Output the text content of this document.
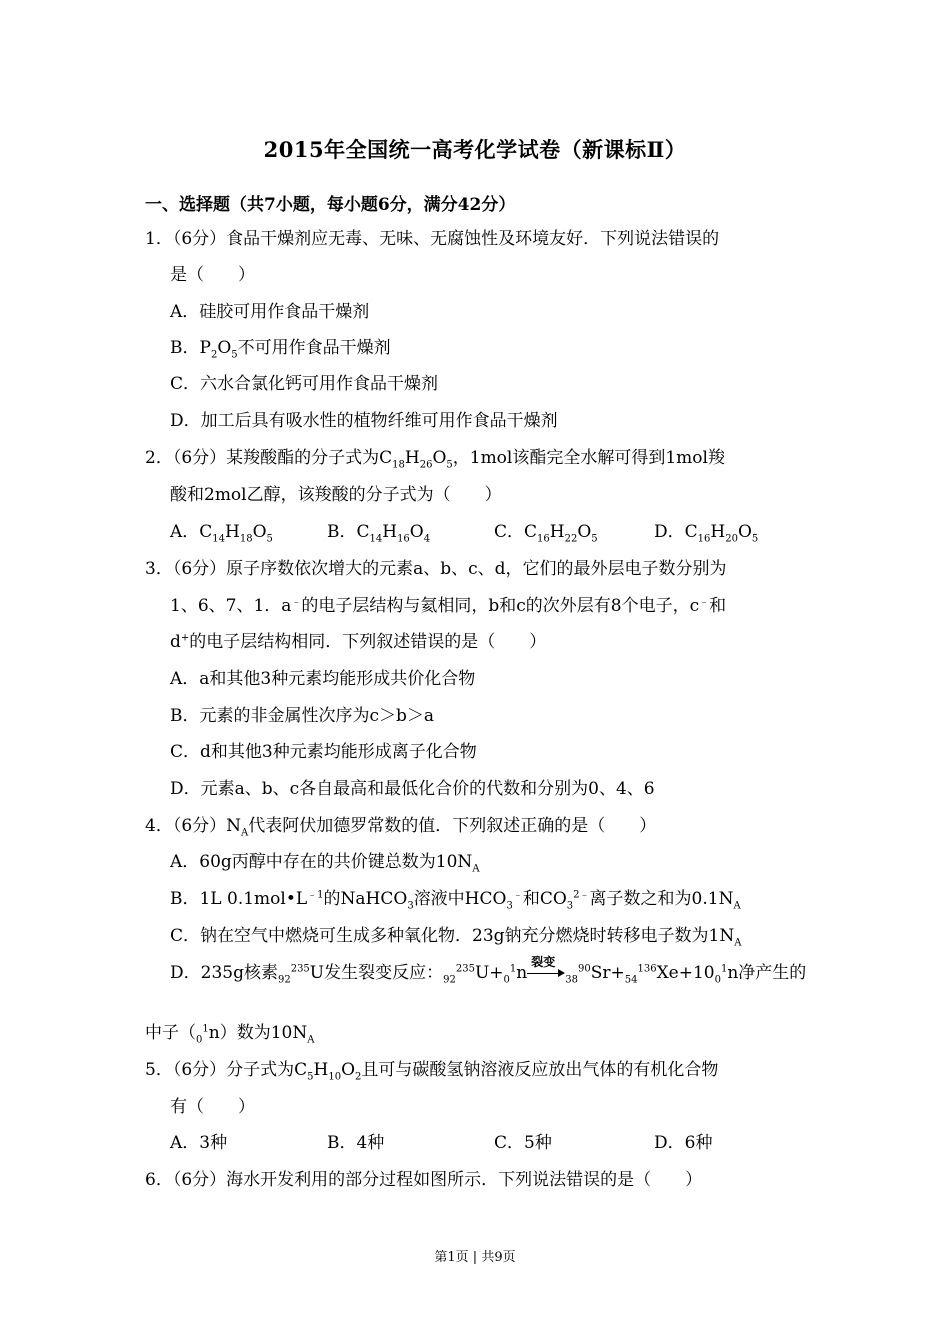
2015年全国统一高考化学试卷（新课标Ⅱ）
一、选择题（共7小题，每小题6分，满分42分）
1．（6分）食品干燥剂应无毒、无味、无腐蚀性及环境友好．下列说法错误的
是（　　）
A．硅胶可用作食品干燥剂
B．$P_2O_5$不可用作食品干燥剂
C．六水合氯化钙可用作食品干燥剂
D．加工后具有吸水性的植物纤维可用作食品干燥剂
2．（6分）某羧酸酯的分子式为$C_{18}H_{26}O_5$，1mol该酯完全水解可得到1mol羧
酸和2mol乙醇，该羧酸的分子式为（　　）
A．$C_{14}H_{18}O_5$	B．$C_{14}H_{16}O_4$	C．$C_{16}H_{22}O_5$	D．$C_{16}H_{20}O_5$
3．（6分）原子序数依次增大的元素a、b、c、d，它们的最外层电子数分别为
1、6、7、1．a﹣的电子层结构与氦相同，b和c的次外层有8个电子，c﹣和
d+的电子层结构相同．下列叙述错误的是（　　）
A．a和其他3种元素均能形成共价化合物
B．元素的非金属性次序为c＞b＞a
C．d和其他3种元素均能形成离子化合物
D．元素a、b、c各自最高和最低化合价的代数和分别为0、4、6
4．（6分）$N_A$代表阿伏加德罗常数的值．下列叙述正确的是（　　）
A．60g丙醇中存在的共价键总数为$10N_A$
B．1L $0.1mol•L^{﹣1}$的NaHCO$_3$溶液中$HCO_3^﹣$和$CO_3^{2﹣}$离子数之和为$0.1N_A$
C．钠在空气中燃烧可生成多种氧化物．23g钠充分燃烧时转移电子数为$1N_A$
D．235g核素$_{92}^{235}$U发生裂变反应：$_{92}^{235}U+_0^1n$
裂变
$_{38}^{90}Sr+_{54}^{136}Xe+10_0^1n$净产生的
中子$(_0^1n)$数为$10N_A$
5．（6分）分子式为$C_5H_{10}O_2$且可与碳酸氢钠溶液反应放出气体的有机化合物
有（　　）
A．3种	B．4种	C．5种	D．6种
6．（6分）海水开发利用的部分过程如图所示．下列说法错误的是（　　）
第1页 | 共9页
